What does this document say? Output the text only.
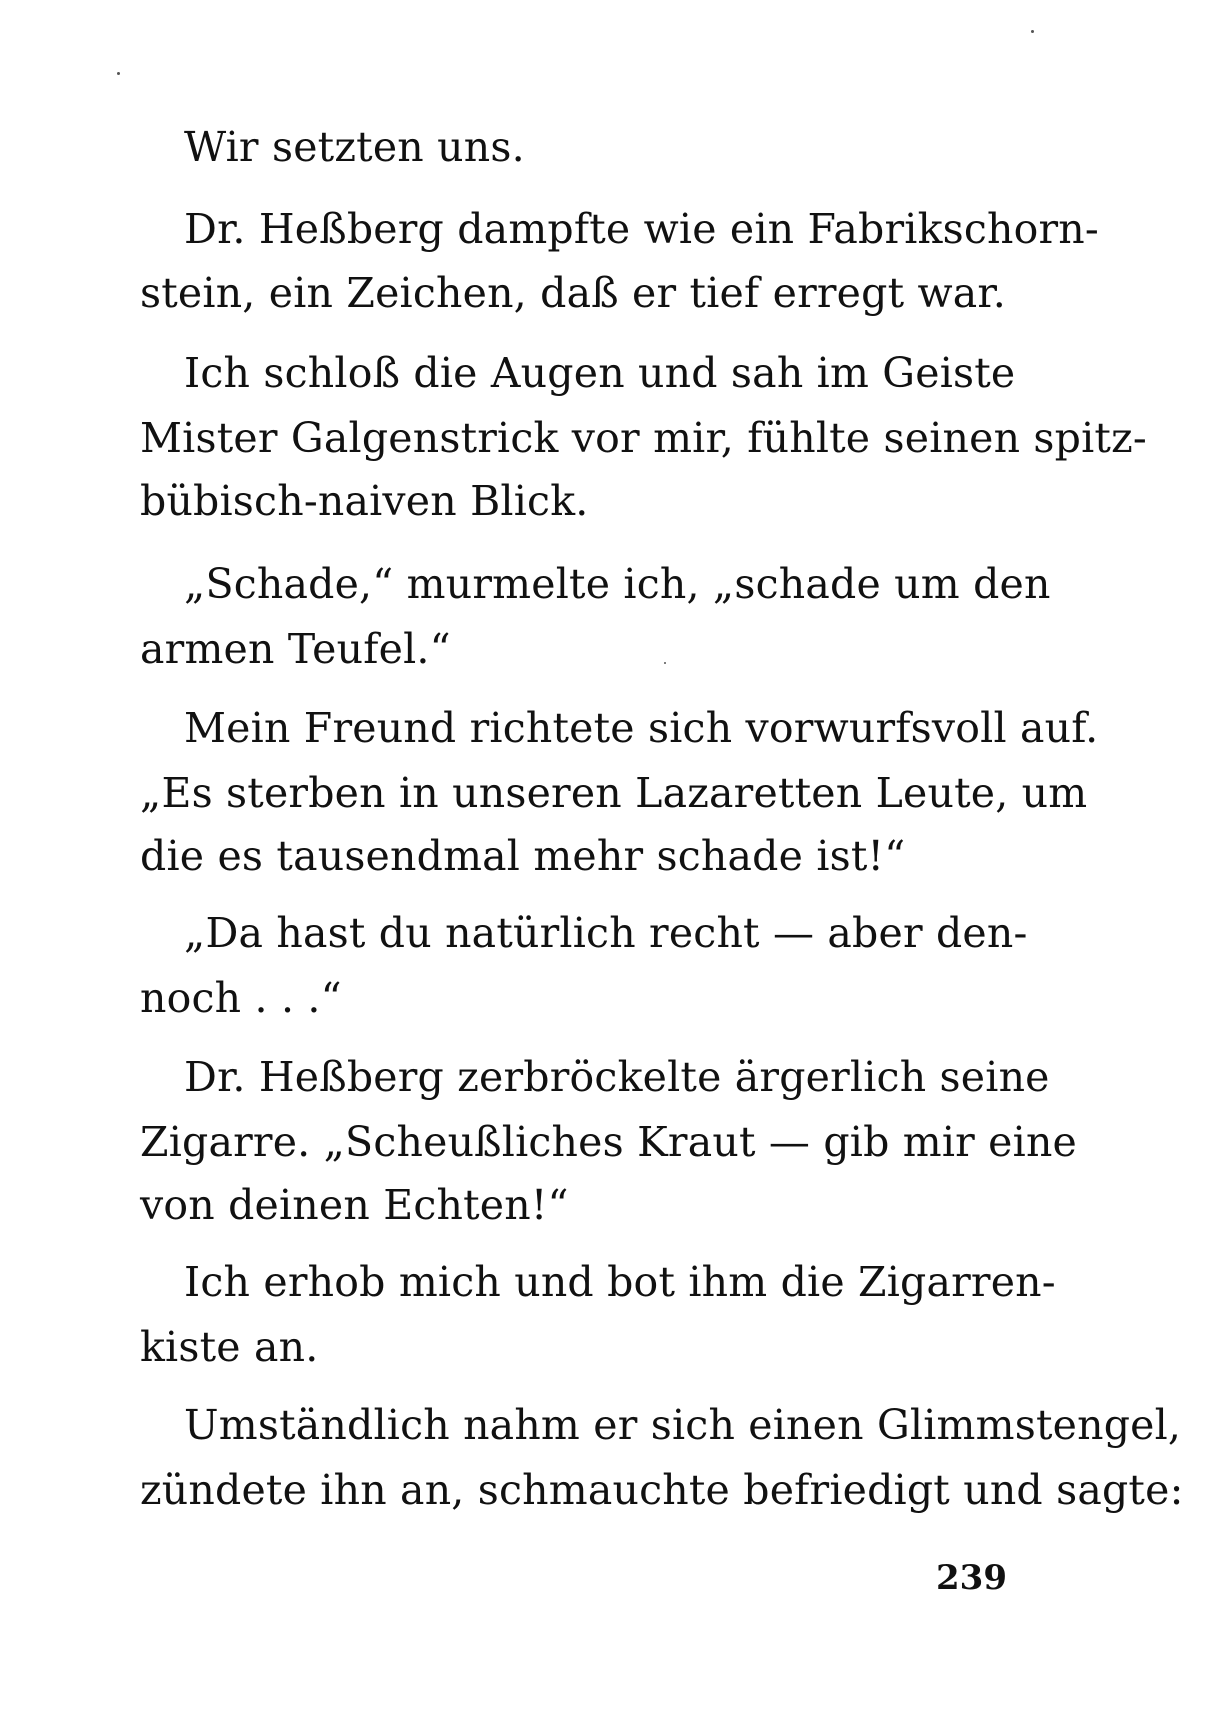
Wir setzten uns.
Dr. Heßberg dampfte wie ein Fabrikschorn-
stein, ein Zeichen, daß er tief erregt war.
Ich schloß die Augen und sah im Geiste
Mister Galgenstrick vor mir, fühlte seinen spitz-
bübisch-naiven Blick.
„Schade,“ murmelte ich, „schade um den
armen Teufel.“
Mein Freund richtete sich vorwurfsvoll auf.
„Es sterben in unseren Lazaretten Leute, um
die es tausendmal mehr schade ist!“
„Da hast du natürlich recht — aber den-
noch . . .“
Dr. Heßberg zerbröckelte ärgerlich seine
Zigarre. „Scheußliches Kraut — gib mir eine
von deinen Echten!“
Ich erhob mich und bot ihm die Zigarren-
kiste an.
Umständlich nahm er sich einen Glimmstengel,
zündete ihn an, schmauchte befriedigt und sagte:
239
